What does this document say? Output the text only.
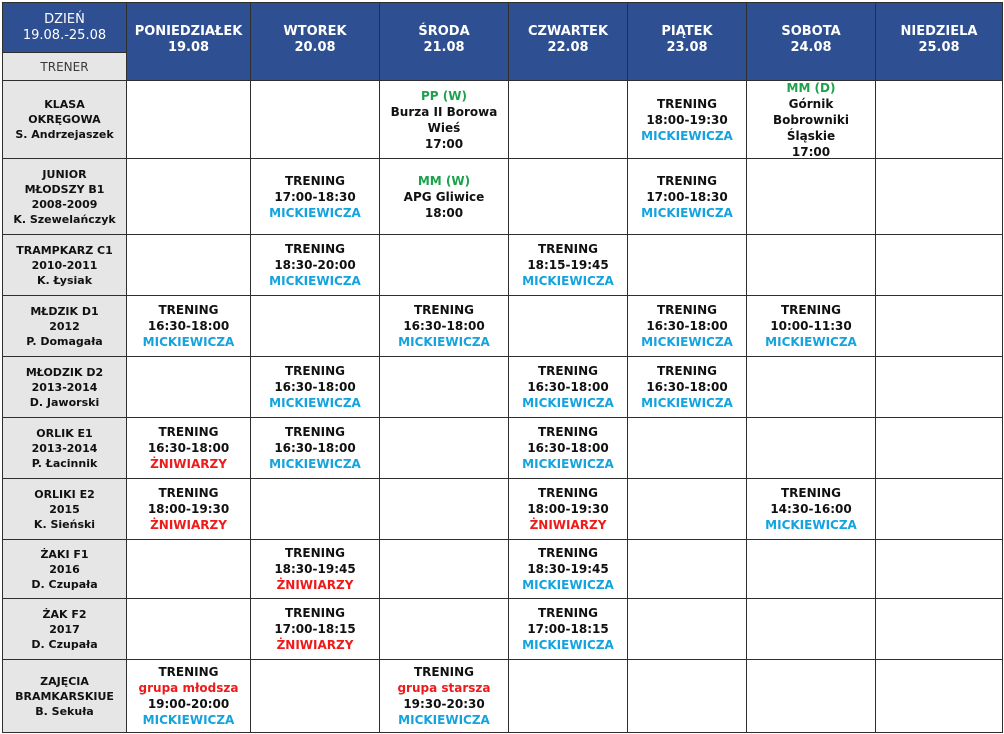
DZIEŃ
19.08.-25.08
TRENER
PONIEDZIAŁEK
19.08
WTOREK
20.08
ŚRODA
21.08
CZWARTEK
22.08
PIĄTEK
23.08
SOBOTA
24.08
NIEDZIELA
25.08
KLASA
OKRĘGOWA
S. Andrzejaszek
PP (W)
Burza II Borowa
Wieś
17:00
TRENING
18:00-19:30
MICKIEWICZA
MM (D)
Górnik
Bobrowniki
Śląskie
17:00
JUNIOR
MŁODSZY B1
2008-2009
K. Szewelańczyk
TRENING
17:00-18:30
MICKIEWICZA
MM (W)
APG Gliwice
18:00
TRENING
17:00-18:30
MICKIEWICZA
TRAMPKARZ C1
2010-2011
K. Łysiak
TRENING
18:30-20:00
MICKIEWICZA
TRENING
18:15-19:45
MICKIEWICZA
MŁDZIK D1
2012
P. Domagała
TRENING
16:30-18:00
MICKIEWICZA
TRENING
16:30-18:00
MICKIEWICZA
TRENING
16:30-18:00
MICKIEWICZA
TRENING
10:00-11:30
MICKIEWICZA
MŁODZIK D2
2013-2014
D. Jaworski
TRENING
16:30-18:00
MICKIEWICZA
TRENING
16:30-18:00
MICKIEWICZA
TRENING
16:30-18:00
MICKIEWICZA
ORLIK E1
2013-2014
P. Łacinnik
TRENING
16:30-18:00
ŻNIWIARZY
TRENING
16:30-18:00
MICKIEWICZA
TRENING
16:30-18:00
MICKIEWICZA
ORLIKI E2
2015
K. Sieński
TRENING
18:00-19:30
ŻNIWIARZY
TRENING
18:00-19:30
ŻNIWIARZY
TRENING
14:30-16:00
MICKIEWICZA
ŻAKI F1
2016
D. Czupała
TRENING
18:30-19:45
ŻNIWIARZY
TRENING
18:30-19:45
MICKIEWICZA
ŻAK F2
2017
D. Czupała
TRENING
17:00-18:15
ŻNIWIARZY
TRENING
17:00-18:15
MICKIEWICZA
ZAJĘCIA
BRAMKARSKIUE
B. Sekuła
TRENING
grupa młodsza
19:00-20:00
MICKIEWICZA
TRENING
grupa starsza
19:30-20:30
MICKIEWICZA
